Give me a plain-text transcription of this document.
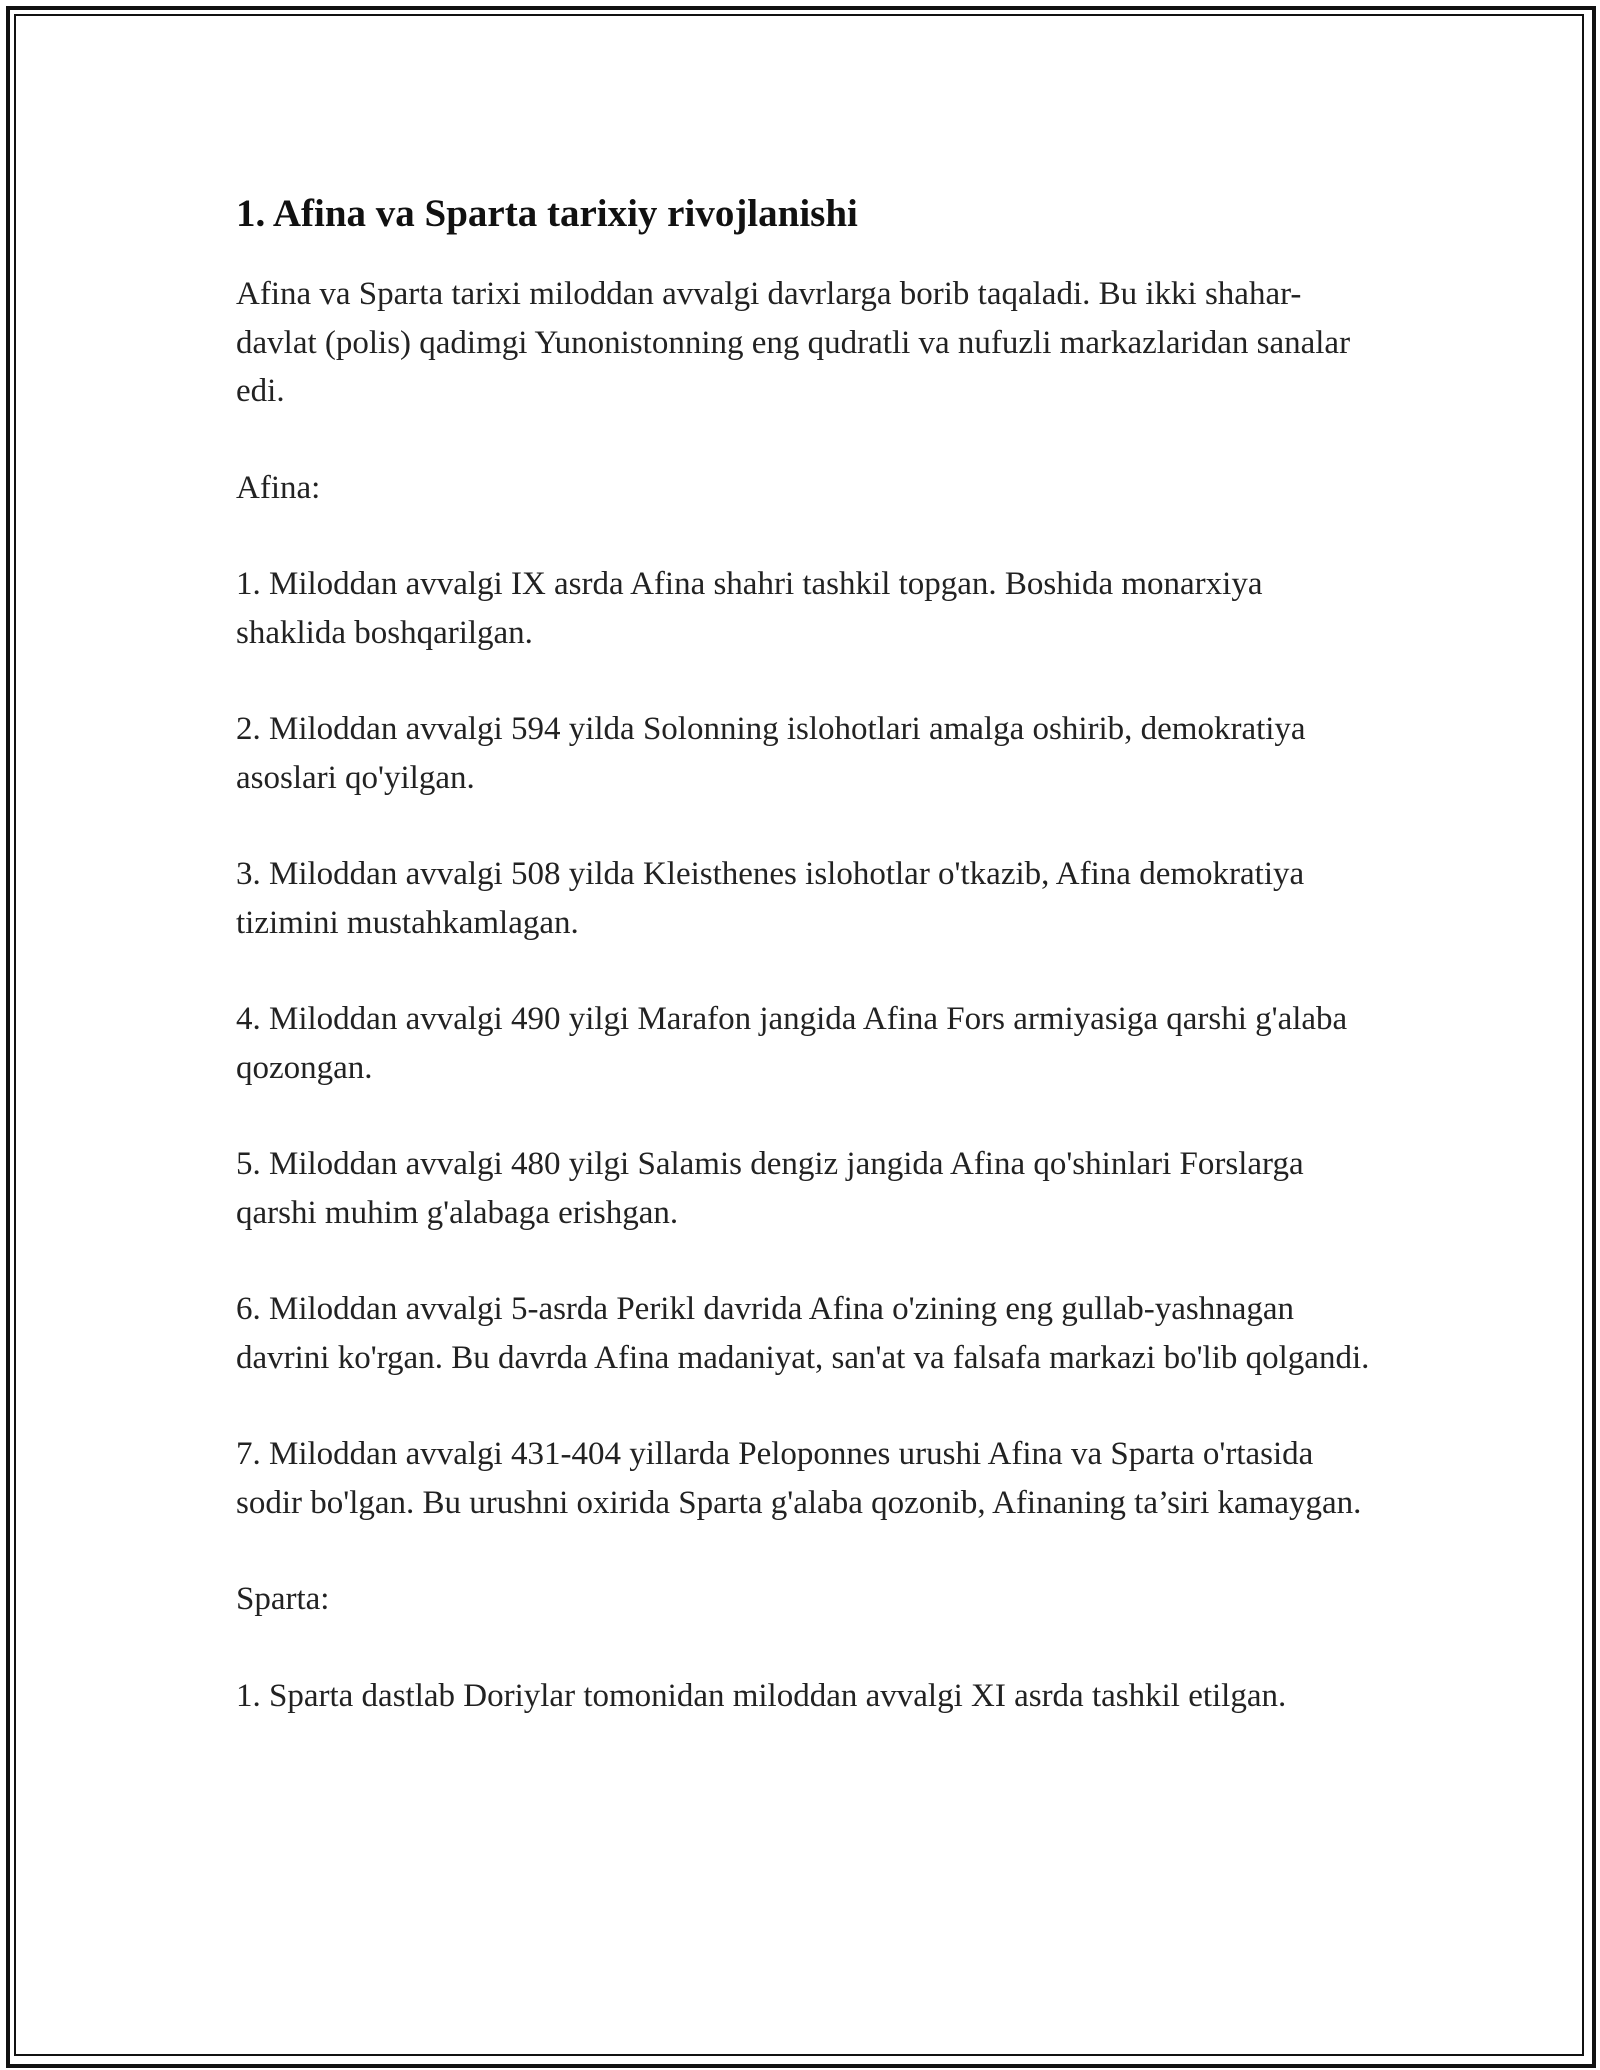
1. Afina va Sparta tarixiy rivojlanishi

Afina va Sparta tarixi miloddan avvalgi davrlarga borib taqaladi. Bu ikki shahar-davlat (polis) qadimgi Yunonistonning eng qudratli va nufuzli markazlaridan sanalar edi.

Afina:

1. Miloddan avvalgi IX asrda Afina shahri tashkil topgan. Boshida monarxiya shaklida boshqarilgan.

2. Miloddan avvalgi 594 yilda Solonning islohotlari amalga oshirib, demokratiya asoslari qo'yilgan.

3. Miloddan avvalgi 508 yilda Kleisthenes islohotlar o'tkazib, Afina demokratiya tizimini mustahkamlagan.

4. Miloddan avvalgi 490 yilgi Marafon jangida Afina Fors armiyasiga qarshi g'alaba qozongan.

5. Miloddan avvalgi 480 yilgi Salamis dengiz jangida Afina qo'shinlari Forslarga qarshi muhim g'alabaga erishgan.

6. Miloddan avvalgi 5-asrda Perikl davrida Afina o'zining eng gullab-yashnagan davrini ko'rgan. Bu davrda Afina madaniyat, san'at va falsafa markazi bo'lib qolgandi.

7. Miloddan avvalgi 431-404 yillarda Peloponnes urushi Afina va Sparta o'rtasida sodir bo'lgan. Bu urushni oxirida Sparta g'alaba qozonib, Afinaning ta’siri kamaygan.

Sparta:

1. Sparta dastlab Doriylar tomonidan miloddan avvalgi XI asrda tashkil etilgan.
